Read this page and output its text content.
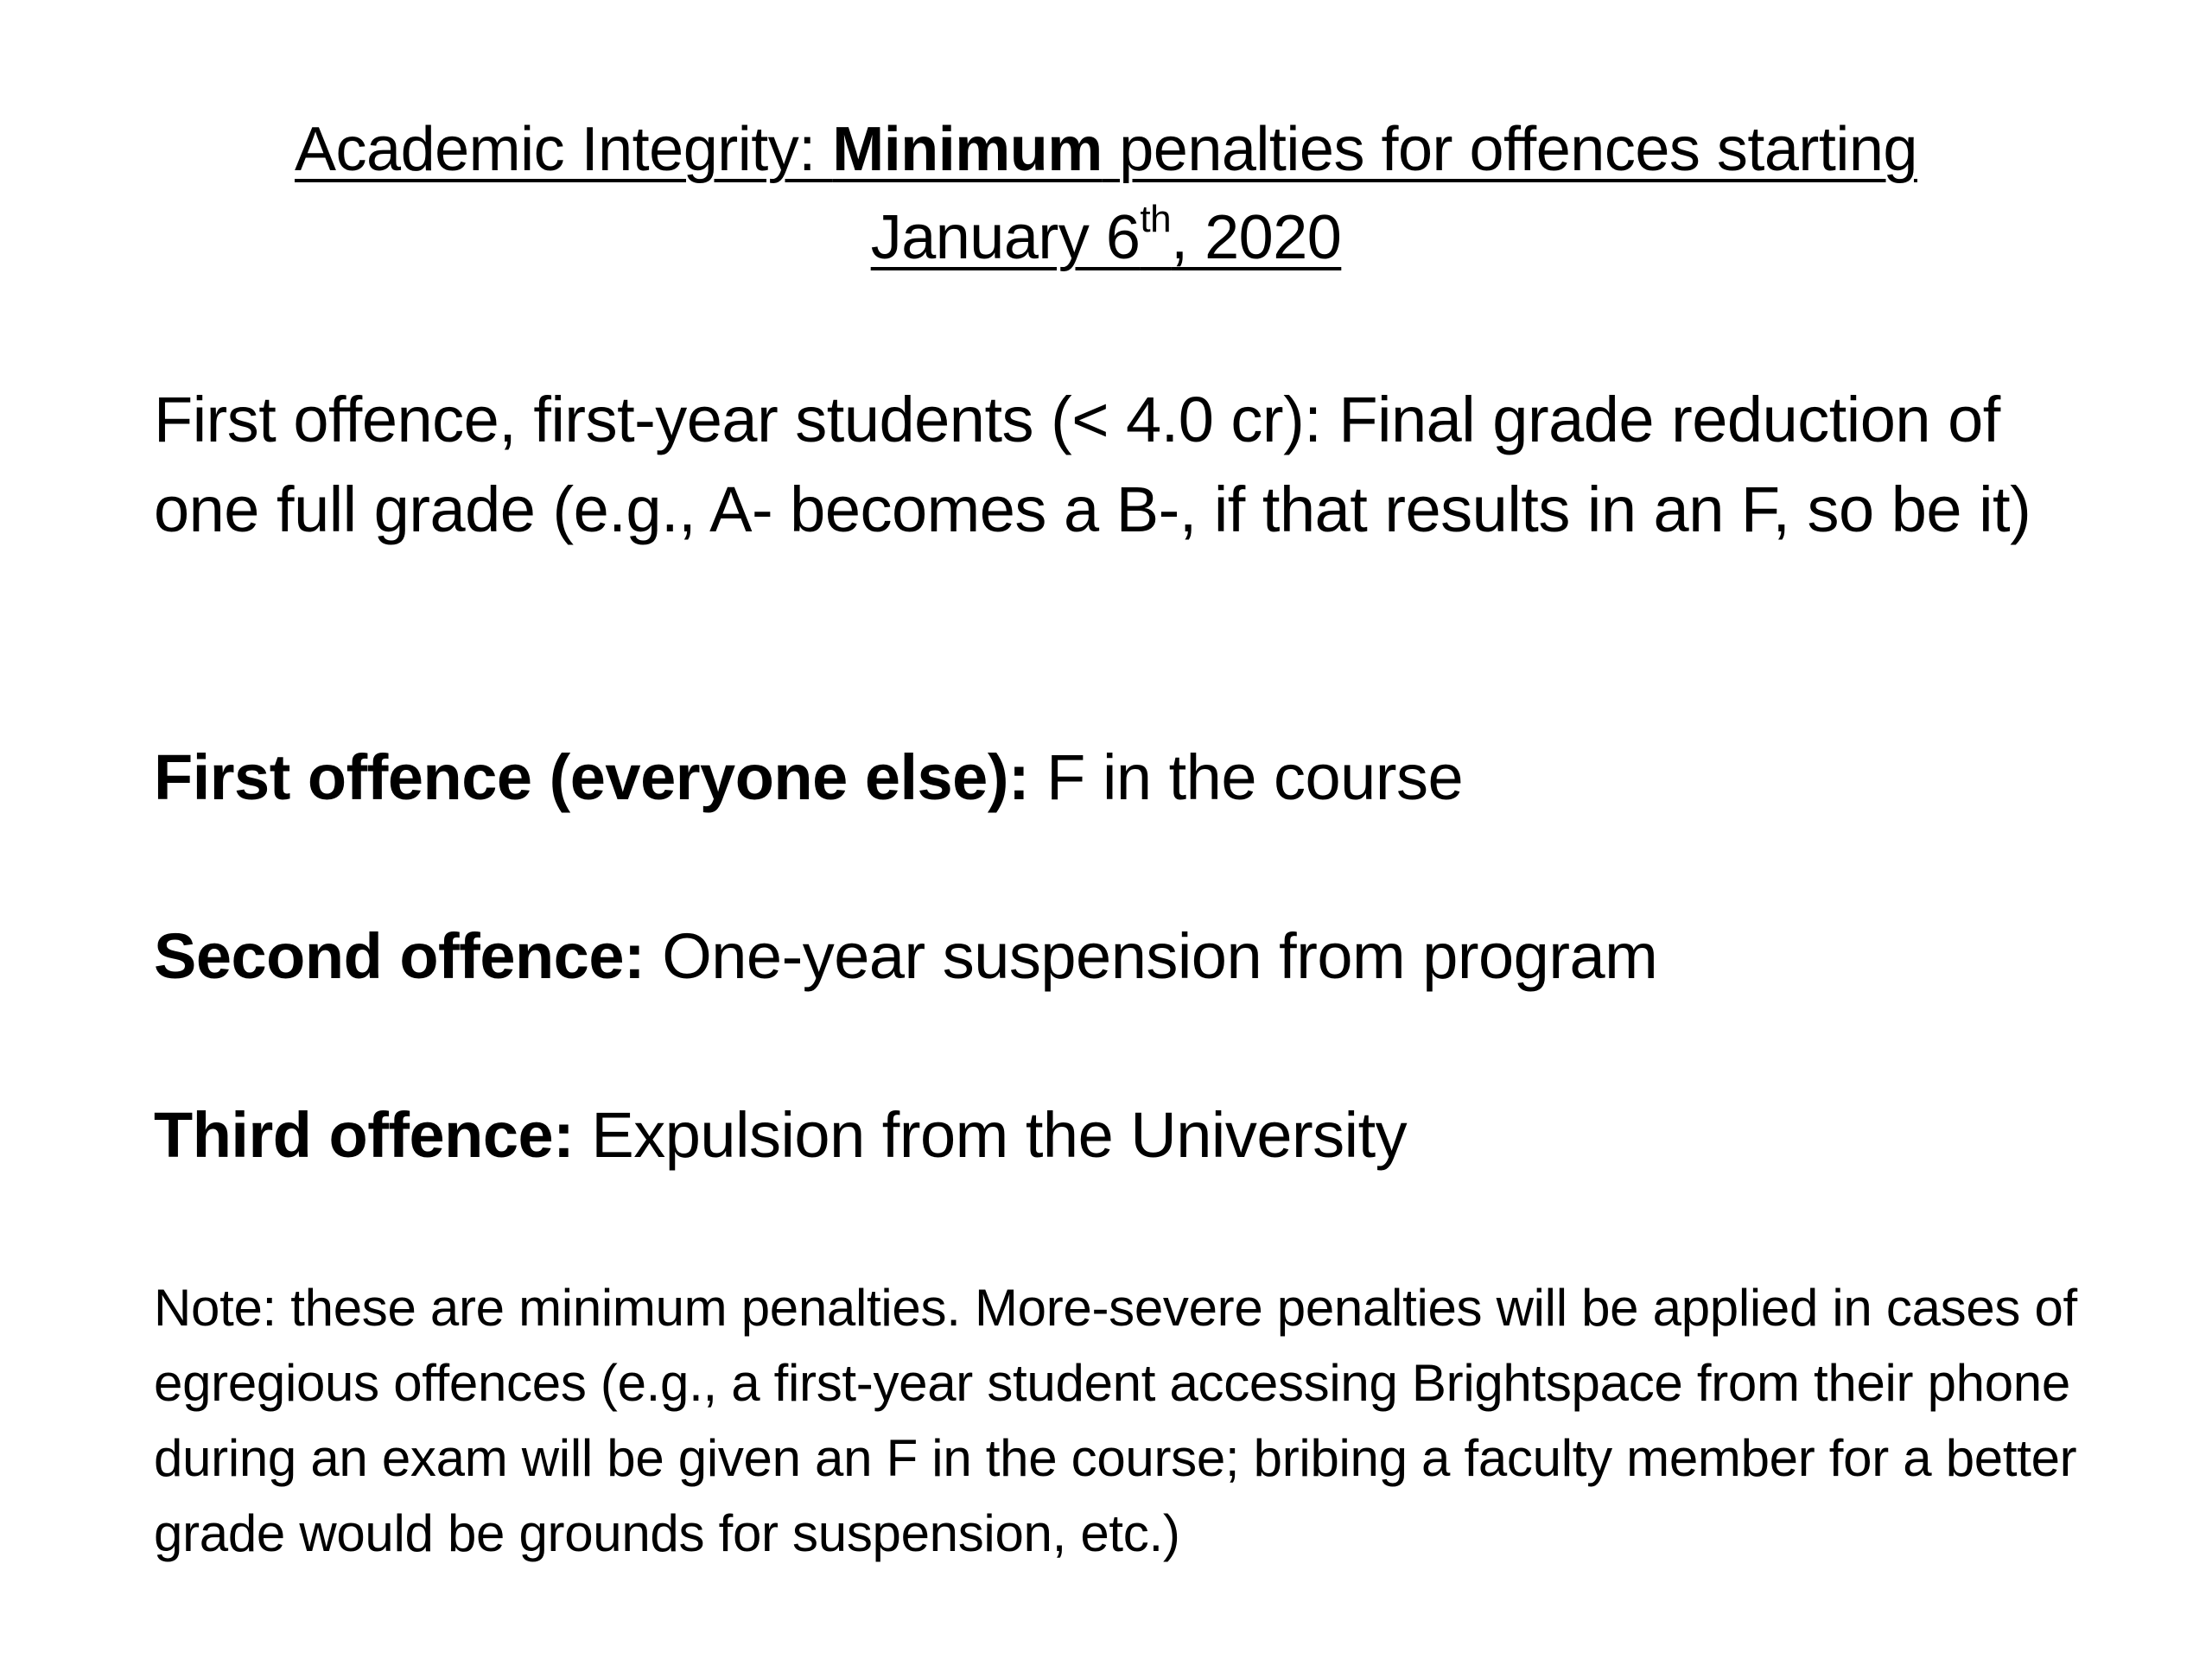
Academic Integrity: Minimum penalties for offences starting
January 6th, 2020
First offence, first-year students (< 4.0 cr): Final grade reduction of one full grade (e.g., A- becomes a B-, if that results in an F, so be it)
First offence (everyone else): F in the course
Second offence: One-year suspension from program
Third offence: Expulsion from the University
Note: these are minimum penalties. More-severe penalties will be applied in cases of egregious offences (e.g., a first-year student accessing Brightspace from their phone during an exam will be given an F in the course; bribing a faculty member for a better grade would be grounds for suspension, etc.)
